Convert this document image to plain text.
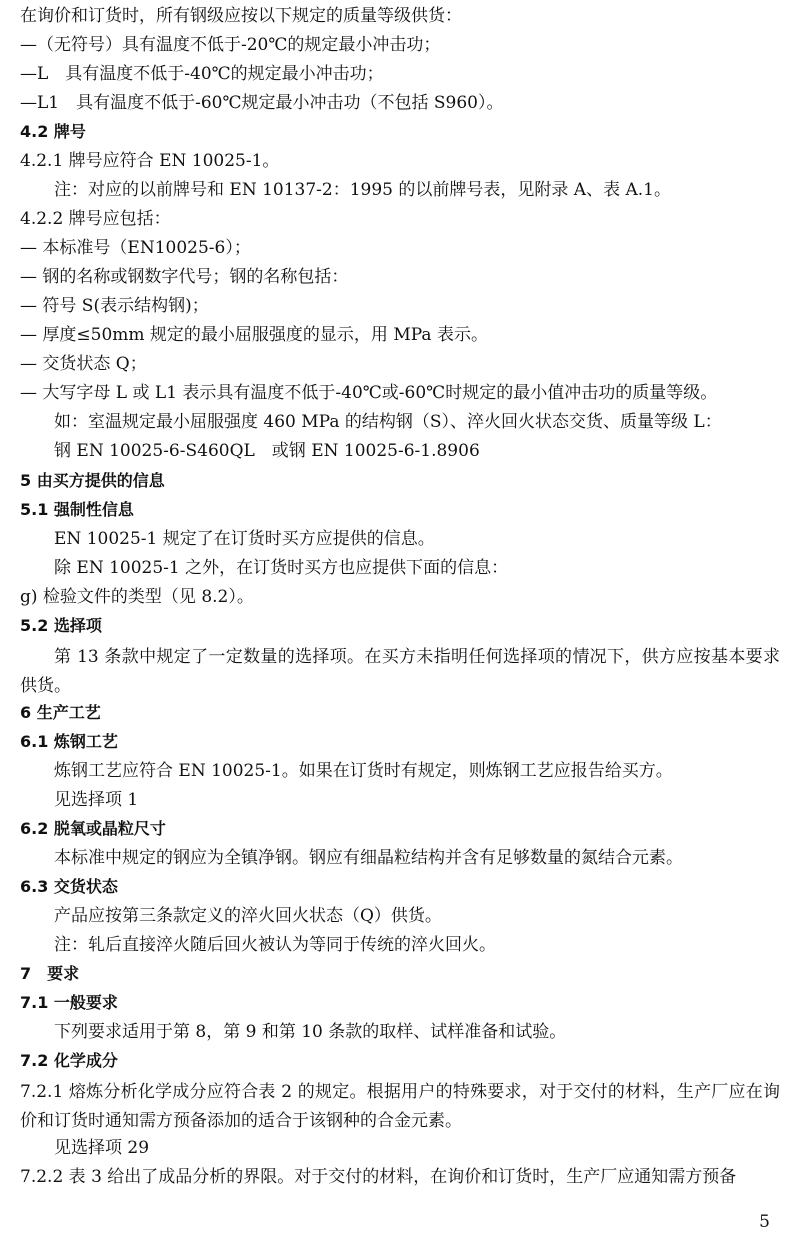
在询价和订货时，所有钢级应按以下规定的质量等级供货：
—（无符号）具有温度不低于-20℃的规定最小冲击功；
—L　具有温度不低于-40℃的规定最小冲击功；
—L1　具有温度不低于-60℃规定最小冲击功（不包括 S960）。
4.2 牌号
4.2.1 牌号应符合 EN 10025-1。
注：对应的以前牌号和 EN 10137-2：1995 的以前牌号表，见附录 A、表 A.1。
4.2.2 牌号应包括：
— 本标准号（EN10025-6）；
— 钢的名称或钢数字代号；钢的名称包括：
— 符号 S(表示结构钢)；
— 厚度≤50mm 规定的最小屈服强度的显示，用 MPa 表示。
— 交货状态 Q；
— 大写字母 L 或 L1 表示具有温度不低于-40℃或-60℃时规定的最小值冲击功的质量等级。
如：室温规定最小屈服强度 460 MPa 的结构钢（S）、淬火回火状态交货、质量等级 L：
钢 EN 10025-6-S460QL　或钢 EN 10025-6-1.8906
5 由买方提供的信息
5.1 强制性信息
EN 10025-1 规定了在订货时买方应提供的信息。
除 EN 10025-1 之外，在订货时买方也应提供下面的信息：
g) 检验文件的类型（见 8.2）。
5.2 选择项
第 13 条款中规定了一定数量的选择项。在买方未指明任何选择项的情况下，供方应按基本要求供货。
6 生产工艺
6.1 炼钢工艺
炼钢工艺应符合 EN 10025-1。如果在订货时有规定，则炼钢工艺应报告给买方。
见选择项 1
6.2 脱氧或晶粒尺寸
本标准中规定的钢应为全镇净钢。钢应有细晶粒结构并含有足够数量的氮结合元素。
6.3 交货状态
产品应按第三条款定义的淬火回火状态（Q）供货。
注：轧后直接淬火随后回火被认为等同于传统的淬火回火。
7　要求
7.1 一般要求
下列要求适用于第 8，第 9 和第 10 条款的取样、试样准备和试验。
7.2 化学成分
7.2.1 熔炼分析化学成分应符合表 2 的规定。根据用户的特殊要求，对于交付的材料，生产厂应在询价和订货时通知需方预备添加的适合于该钢种的合金元素。
见选择项 29
7.2.2 表 3 给出了成品分析的界限。对于交付的材料，在询价和订货时，生产厂应通知需方预备
5
